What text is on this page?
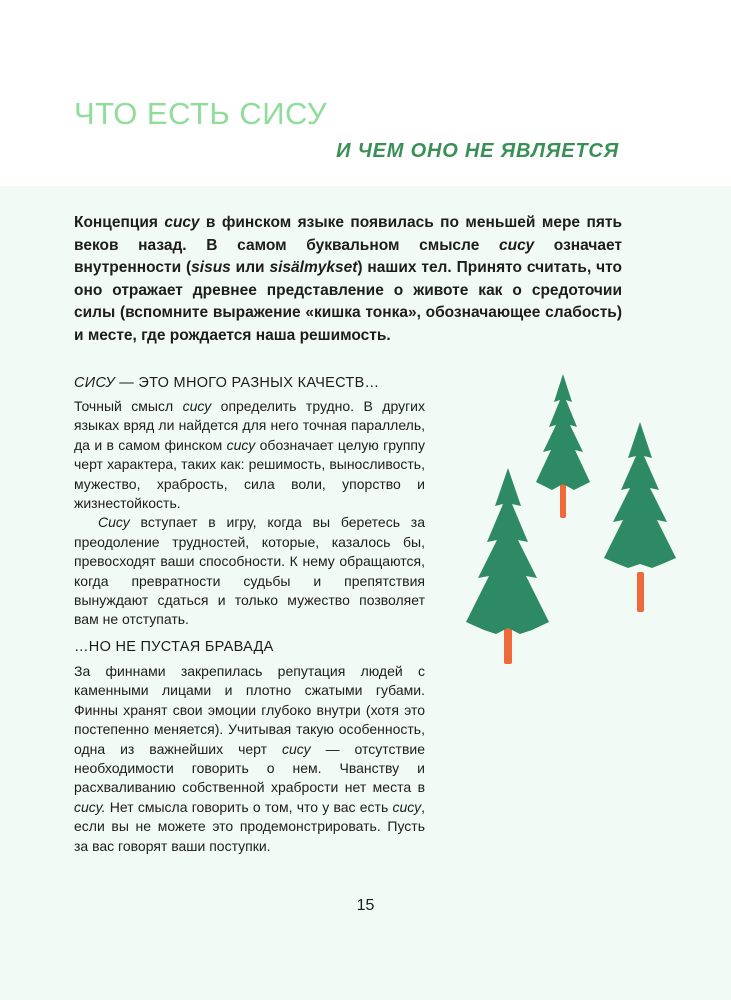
ЧТО ЕСТЬ СИСУ
И ЧЕМ ОНО НЕ ЯВЛЯЕТСЯ

Концепция сису в финском языке появилась по меньшей мере пять веков назад. В самом буквальном смысле сису означает внутренности (sisus или sisälmykset) наших тел. Принято считать, что оно отражает древнее представление о животе как о средоточии силы (вспомните выражение «кишка тонка», обозначающее слабость) и месте, где рождается наша решимость.

СИСУ — ЭТО МНОГО РАЗНЫХ КАЧЕСТВ…

Точный смысл сису определить трудно. В других языках вряд ли найдется для него точная параллель, да и в самом финском сису обозначает целую группу черт характера, таких как: решимость, выносливость, мужество, храбрость, сила воли, упорство и жизнестойкость.

Сису вступает в игру, когда вы беретесь за преодоление трудностей, которые, казалось бы, превосходят ваши способности. К нему обращаются, когда превратности судьбы и препятствия вынуждают сдаться и только мужество позволяет вам не отступать.

…НО НЕ ПУСТАЯ БРАВАДА

За финнами закрепилась репутация людей с каменными лицами и плотно сжатыми губами. Финны хранят свои эмоции глубоко внутри (хотя это постепенно меняется). Учитывая такую особенность, одна из важнейших черт сису — отсутствие необходимости говорить о нем. Чванству и расхваливанию собственной храбрости нет места в сису. Нет смысла говорить о том, что у вас есть сису, если вы не можете это продемонстрировать. Пусть за вас говорят ваши поступки.

15
